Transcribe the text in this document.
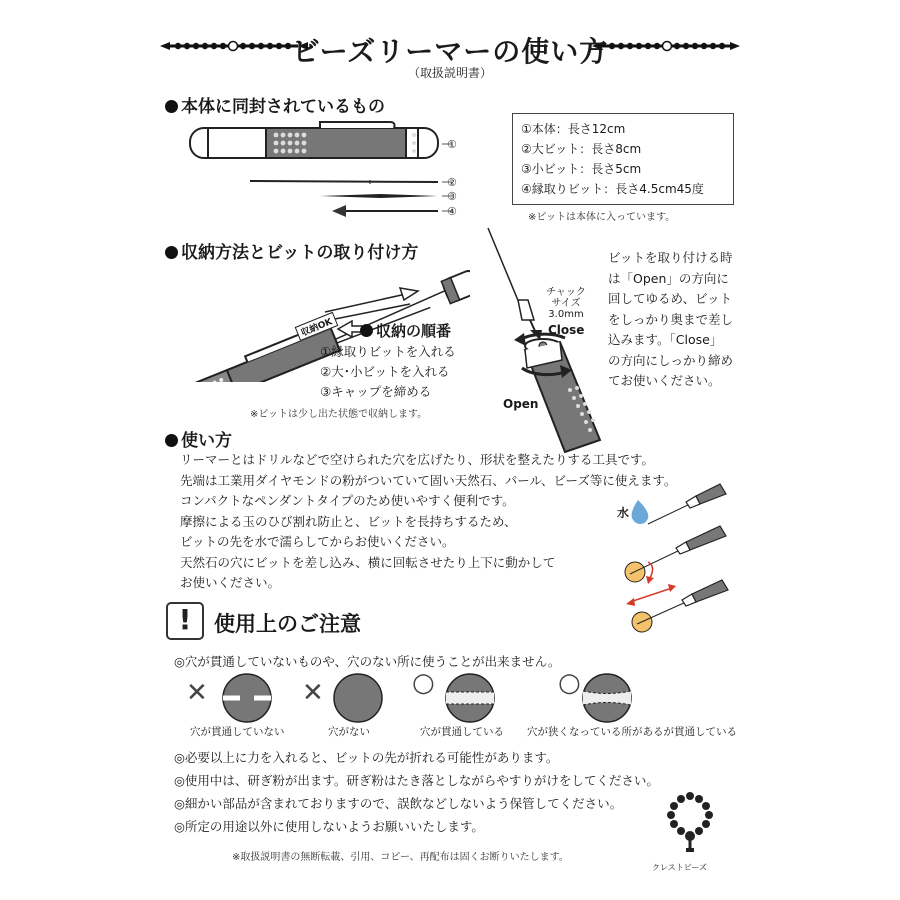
ビーズリーマーの使い方
（取扱説明書）
本体に同封されているもの
①
②
③
④
①本体：長さ12cm
②大ビット：長さ8cm
③小ビット：長さ5cm
④縁取りビット：長さ4.5cm45度
※ビットは本体に入っています。
収納方法とビットの取り付け方
収納OK	収納の順番
①縁取りビットを入れる
②大･小ビットを入れる
③キャップを締める
※ビットは少し出た状態で収納します。
チャック
サイズ
3.0mm
Close
Open
ビットを取り付ける時
は「Open」の方向に
回してゆるめ、ビット
をしっかり奥まで差し
込みます。「Close」
の方向にしっかり締め
てお使いください。
使い方
リーマーとはドリルなどで空けられた穴を広げたり、形状を整えたりする工具です。
先端は工業用ダイヤモンドの粉がついていて固い天然石、パール、ビーズ等に使えます。
コンパクトなペンダントタイプのため使いやすく便利です。
摩擦による玉のひび割れ防止と、ビットを長持ちするため、
ビットの先を水で濡らしてからお使いください。
天然石の穴にビットを差し込み、横に回転させたり上下に動かして
お使いください。
水
!	使用上のご注意
◎穴が貫通していないものや、穴のない所に使うことが出来ません。
✕	✕	○	○
穴が貫通していない	穴がない	穴が貫通している 穴が狭くなっている所があるが貫通している
◎必要以上に力を入れると、ビットの先が折れる可能性があります。
◎使用中は、研ぎ粉が出ます。研ぎ粉はたき落としながらやすりがけをしてください。
◎細かい部品が含まれておりますので、誤飲などしないよう保管してください。
◎所定の用途以外に使用しないようお願いいたします。
※取扱説明書の無断転載、引用、コピー、再配布は固くお断りいたします。
クレストビーズ
